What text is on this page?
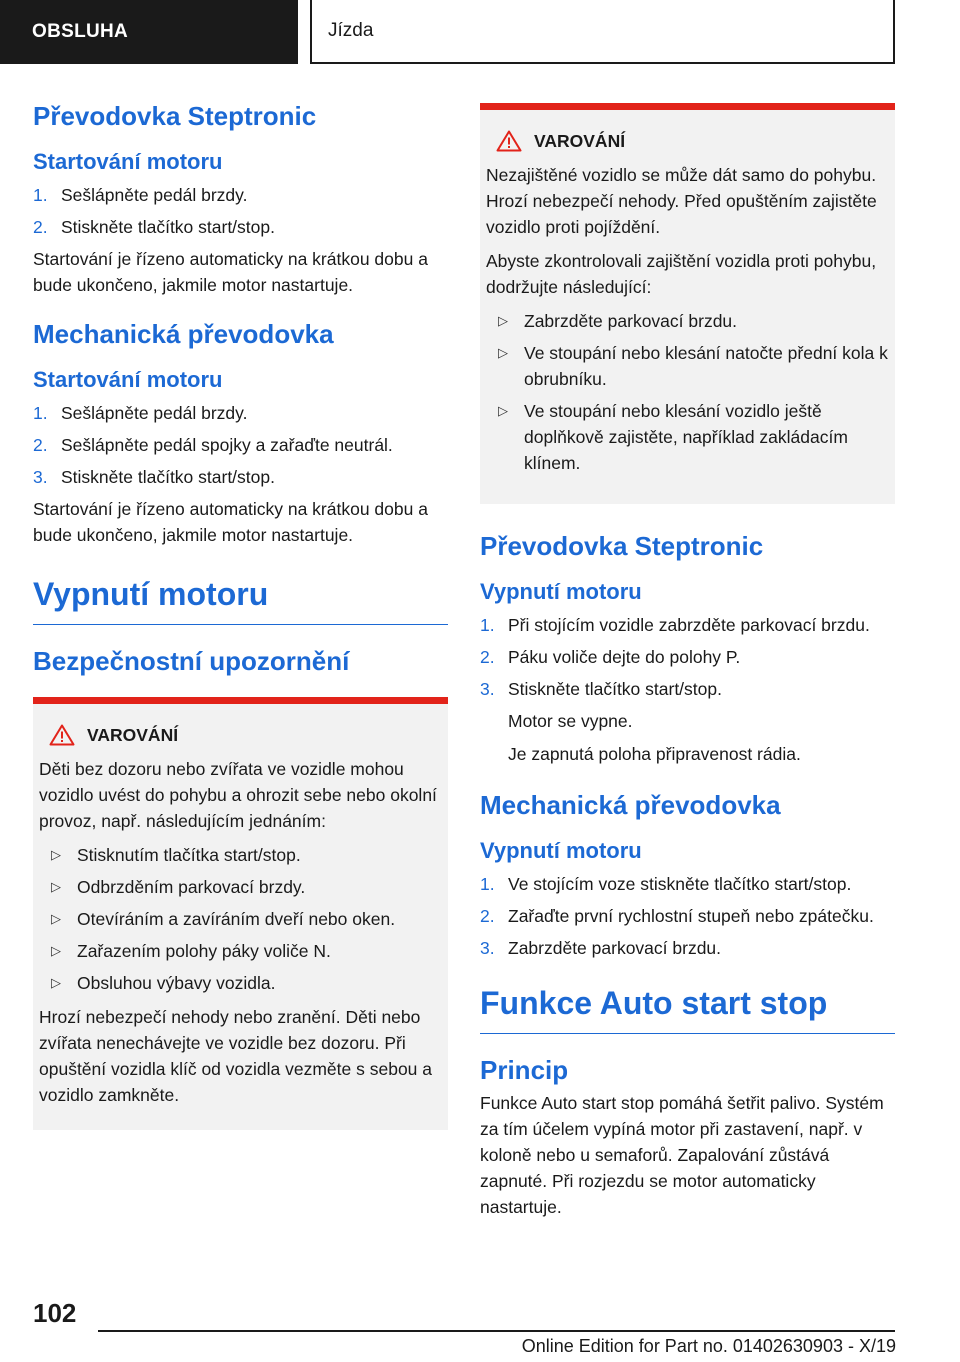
OBSLUHA	Jízda
Převodovka Steptronic
Startování motoru
1. Sešlápněte pedál brzdy.
2. Stiskněte tlačítko start/stop.

Startování je řízeno automaticky na krátkou dobu a bude ukončeno, jakmile motor nastartuje.

Mechanická převodovka
Startování motoru
1. Sešlápněte pedál brzdy.
2. Sešlápněte pedál spojky a zařaďte neutrál.
3. Stiskněte tlačítko start/stop.

Startování je řízeno automaticky na krátkou dobu a bude ukončeno, jakmile motor nastartuje.

Vypnutí motoru
Bezpečnostní upozornění
VAROVÁNÍ

Děti bez dozoru nebo zvířata ve vozidle mohou vozidlo uvést do pohybu a ohrozit sebe nebo okolní provoz, např. následujícím jednáním:

▷ Stisknutím tlačítka start/stop.
▷ Odbrzděním parkovací brzdy.
▷ Otevíráním a zavíráním dveří nebo oken.
▷ Zařazením polohy páky voliče N.
▷ Obsluhou výbavy vozidla.

Hrozí nebezpečí nehody nebo zranění. Děti nebo zvířata nenechávejte ve vozidle bez dozoru. Při opuštění vozidla klíč od vozidla vezměte s sebou a vozidlo zamkněte.

VAROVÁNÍ

Nezajištěné vozidlo se může dát samo do pohybu. Hrozí nebezpečí nehody. Před opuštěním zajistěte vozidlo proti pojíždění.

Abyste zkontrolovali zajištění vozidla proti pohybu, dodržujte následující:

▷ Zabrzděte parkovací brzdu.
▷ Ve stoupání nebo klesání natočte přední kola k obrubníku.
▷ Ve stoupání nebo klesání vozidlo ještě doplňkově zajistěte, například zakládacím klínem.
Převodovka Steptronic
Vypnutí motoru
1. Při stojícím vozidle zabrzděte parkovací brzdu.
2. Páku voliče dejte do polohy P.
3. Stiskněte tlačítko start/stop.
Motor se vypne.
Je zapnutá poloha připravenost rádia.
Mechanická převodovka
Vypnutí motoru
1. Ve stojícím voze stiskněte tlačítko start/stop.
2. Zařaďte první rychlostní stupeň nebo zpátečku.
3. Zabrzděte parkovací brzdu.
Funkce Auto start stop
Princip

Funkce Auto start stop pomáhá šetřit palivo. Systém za tím účelem vypíná motor při zastavení, např. v koloně nebo u semaforů. Zapalování zůstává zapnuté. Při rozjezdu se motor automaticky nastartuje.

102
Online Edition for Part no. 01402630903 - X/19
